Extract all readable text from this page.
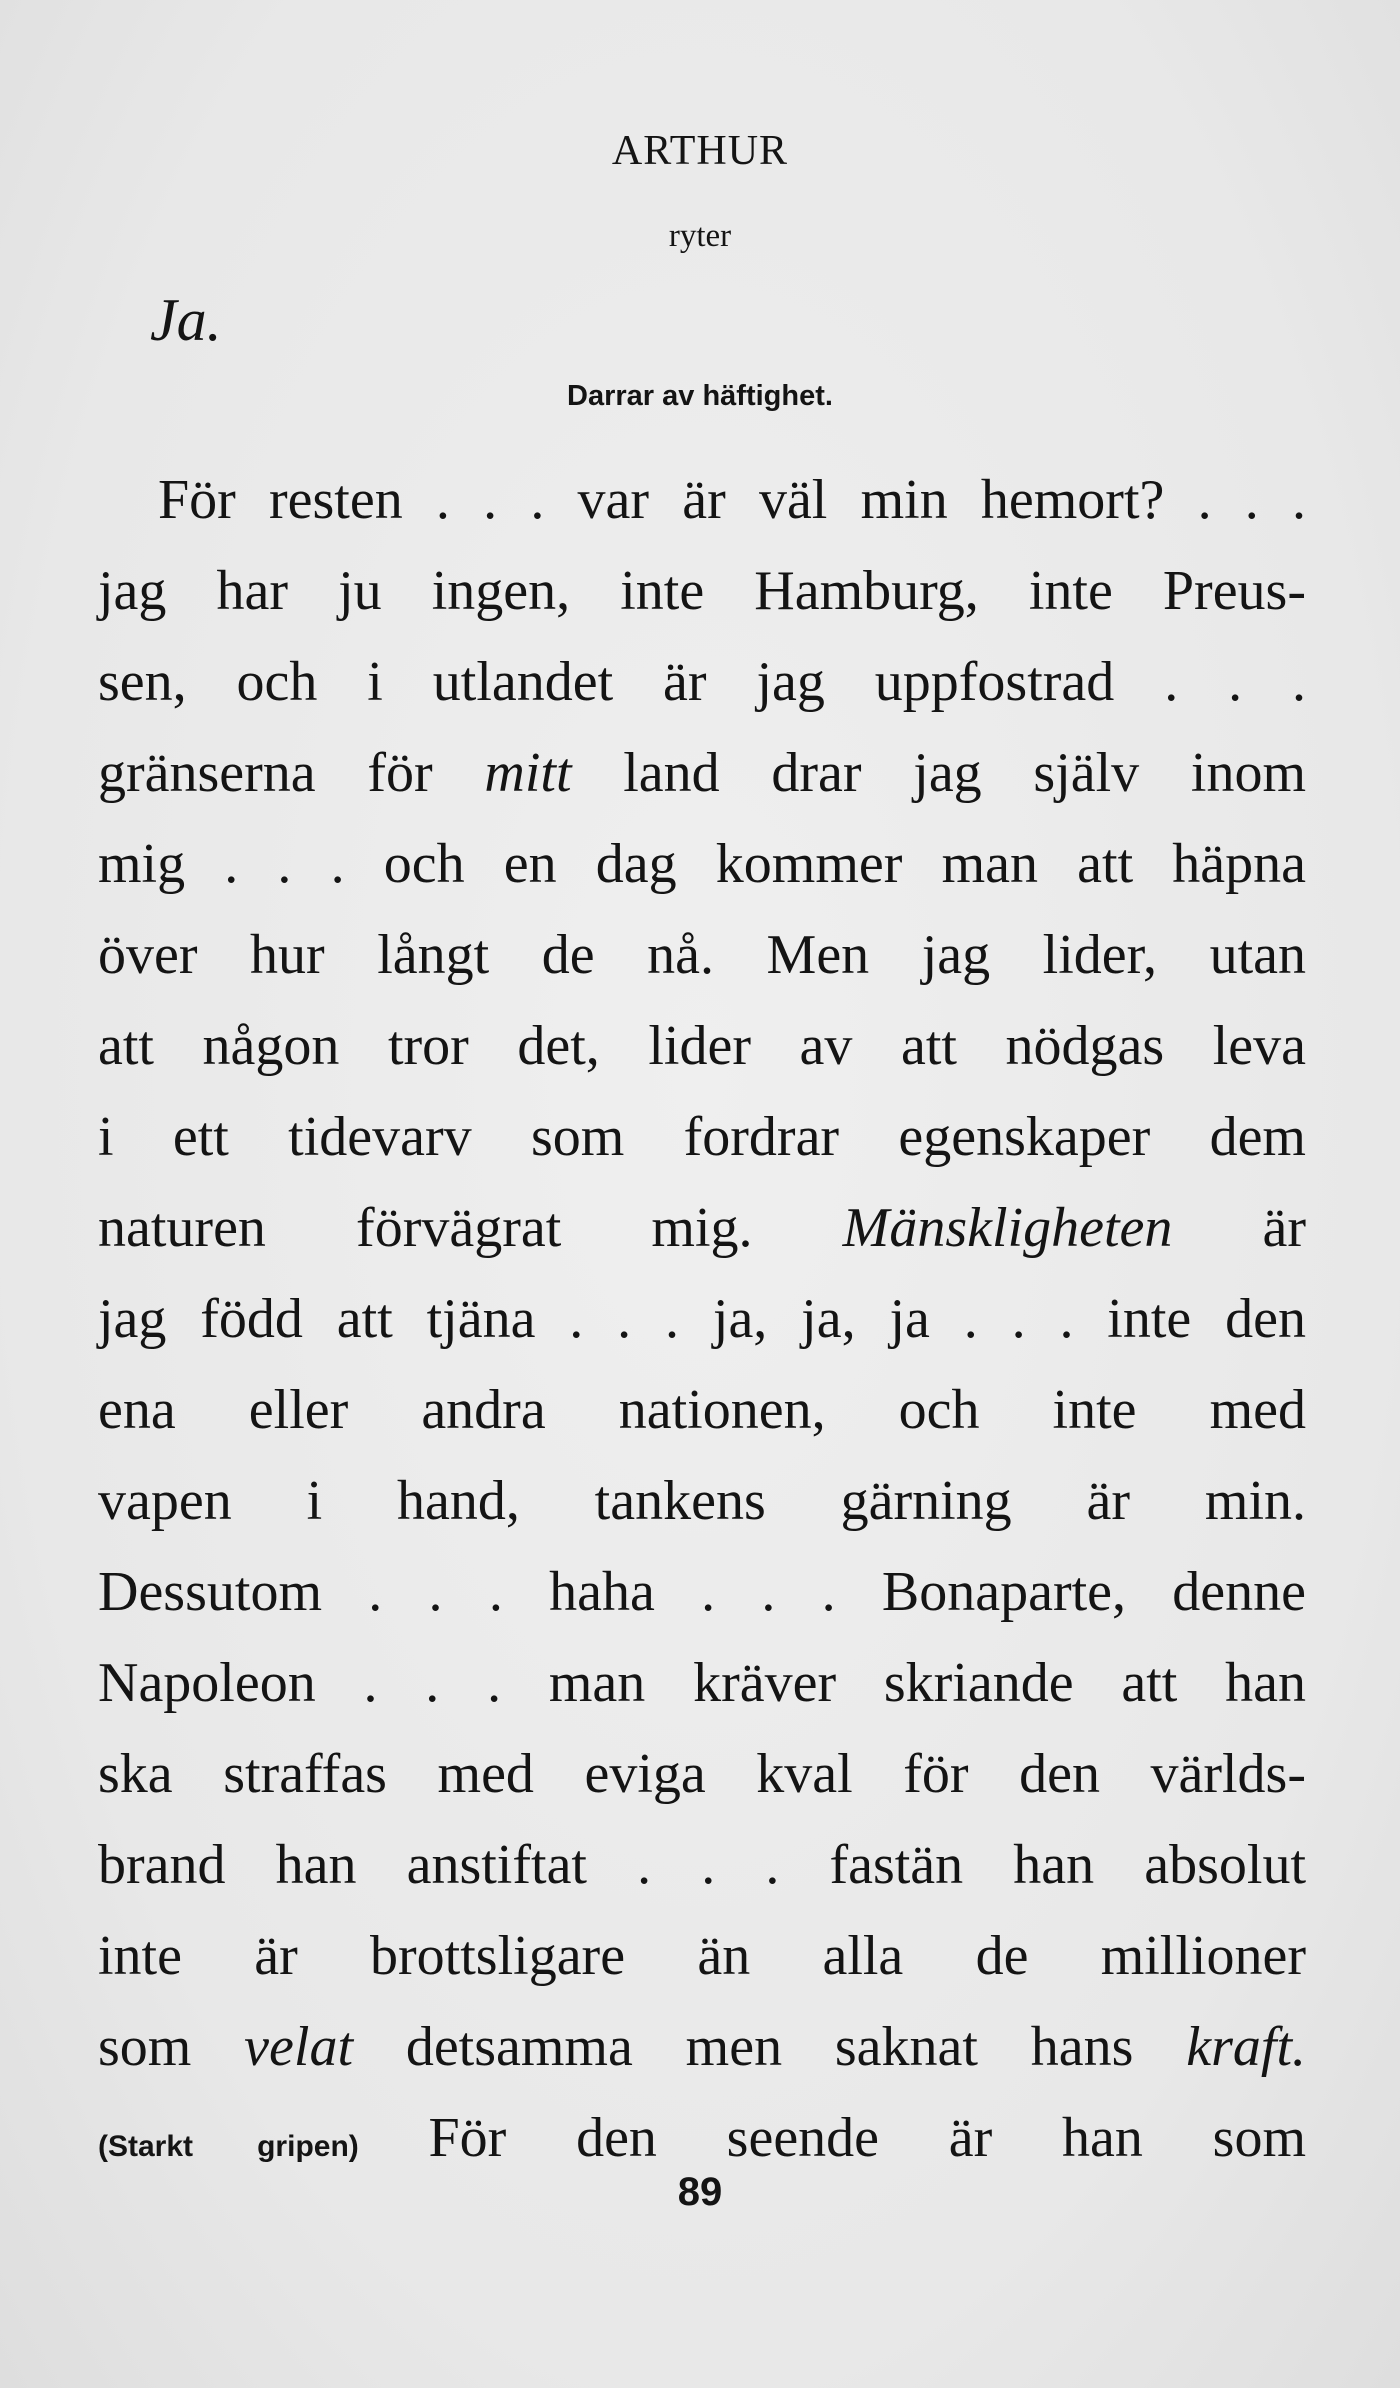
ARTHUR
ryter
Ja.
Darrar av häftighet.
För resten . . . var är väl min hemort? . . .
jag har ju ingen, inte Hamburg, inte Preus-
sen, och i utlandet är jag uppfostrad . . .
gränserna för mitt land drar jag själv inom
mig . . . och en dag kommer man att häpna
över hur långt de nå. Men jag lider, utan
att någon tror det, lider av att nödgas leva
i ett tidevarv som fordrar egenskaper dem
naturen förvägrat mig. Mänskligheten är
jag född att tjäna . . . ja, ja, ja . . . inte den
ena eller andra nationen, och inte med
vapen i hand, tankens gärning är min.
Dessutom . . . haha . . . Bonaparte, denne
Napoleon . . . man kräver skriande att han
ska straffas med eviga kval för den världs-
brand han anstiftat . . . fastän han absolut
inte är brottsligare än alla de millioner
som velat detsamma men saknat hans kraft.
(Starkt gripen) För den seende är han som
89
